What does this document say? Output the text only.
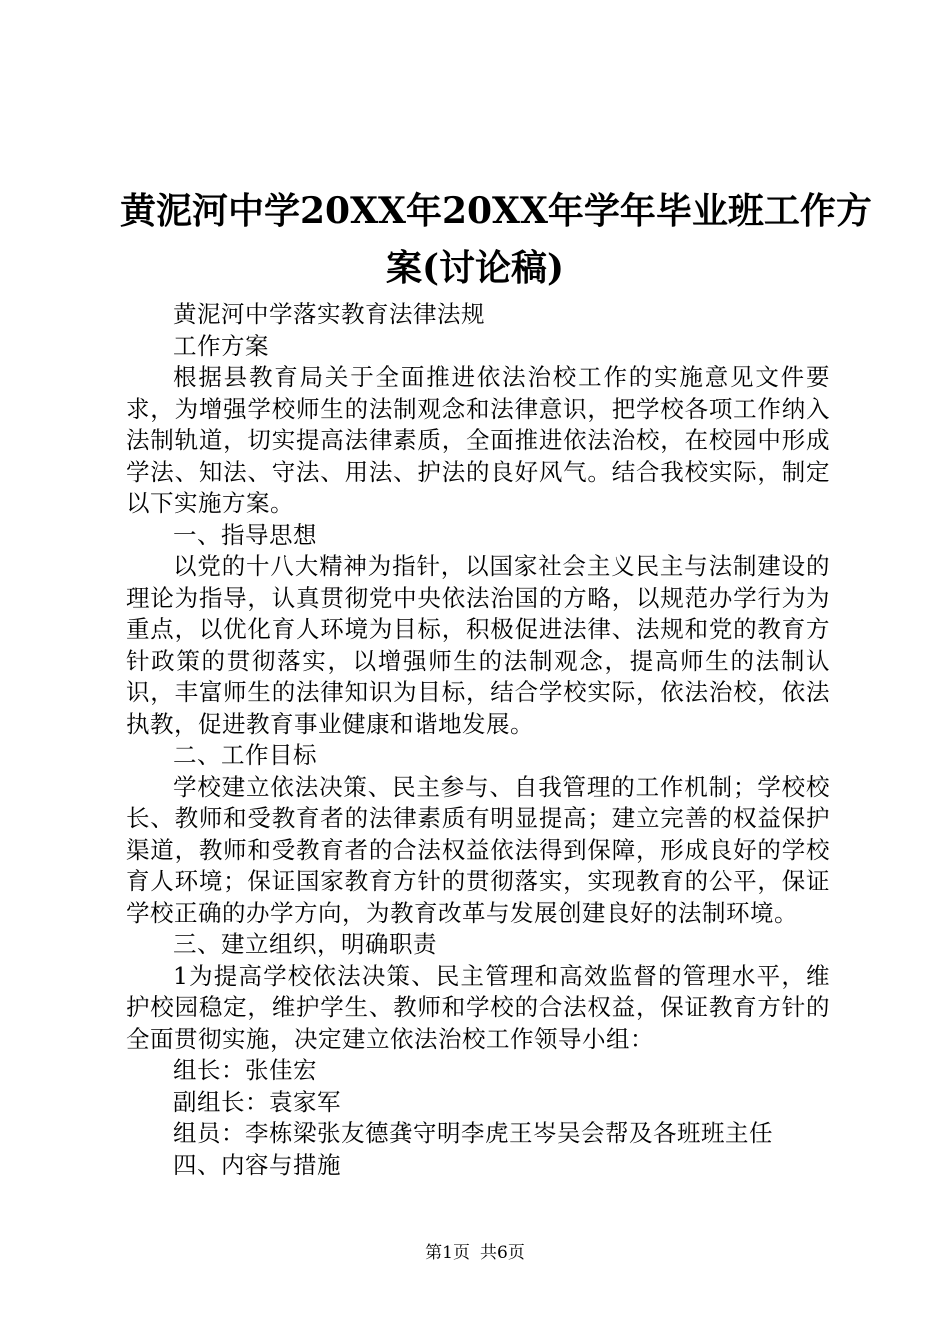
黄泥河中学20XX年20XX年学年毕业班工作方
案(讨论稿)

黄泥河中学落实教育法律法规

工作方案

根据县教育局关于全面推进依法治校工作的实施意见文件要求，为增强学校师生的法制观念和法律意识，把学校各项工作纳入法制轨道，切实提高法律素质，全面推进依法治校，在校园中形成学法、知法、守法、用法、护法的良好风气。结合我校实际，制定以下实施方案。

一、指导思想

以党的十八大精神为指针，以国家社会主义民主与法制建设的理论为指导，认真贯彻党中央依法治国的方略，以规范办学行为为重点，以优化育人环境为目标，积极促进法律、法规和党的教育方针政策的贯彻落实，以增强师生的法制观念，提高师生的法制认识，丰富师生的法律知识为目标，结合学校实际，依法治校，依法执教，促进教育事业健康和谐地发展。

二、工作目标

学校建立依法决策、民主参与、自我管理的工作机制；学校校长、教师和受教育者的法律素质有明显提高；建立完善的权益保护渠道，教师和受教育者的合法权益依法得到保障，形成良好的学校育人环境；保证国家教育方针的贯彻落实，实现教育的公平，保证学校正确的办学方向，为教育改革与发展创建良好的法制环境。

三、建立组织，明确职责

1为提高学校依法决策、民主管理和高效监督的管理水平，维护校园稳定，维护学生、教师和学校的合法权益，保证教育方针的全面贯彻实施，决定建立依法治校工作领导小组：

组长：张佳宏

副组长：袁家军

组员：李栋梁张友德龚守明李虎王岑吴会帮及各班班主任

四、内容与措施

第1页 共6页
